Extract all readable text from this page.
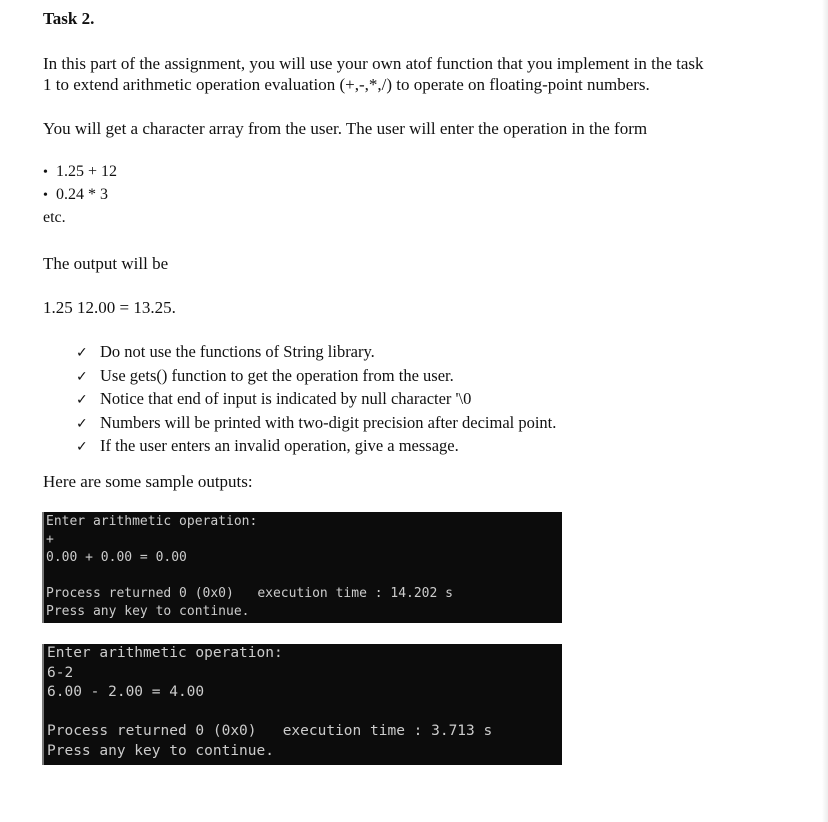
Task 2.
In this part of the assignment, you will use your own atof function that you implement in the task
1 to extend arithmetic operation evaluation (+,-,*,/) to operate on floating-point numbers.
You will get a character array from the user. The user will enter the operation in the form
• 1.25 + 12
• 0.24 * 3
etc.
The output will be
1.25 12.00 = 13.25.
✓ Do not use the functions of String library.
✓ Use gets() function to get the operation from the user.
✓ Notice that end of input is indicated by null character '\0
✓ Numbers will be printed with two-digit precision after decimal point.
✓ If the user enters an invalid operation, give a message.
Here are some sample outputs:
Enter arithmetic operation:
+
0.00 + 0.00 = 0.00
Process returned 0 (0x0)   execution time : 14.202 s
Press any key to continue.
Enter arithmetic operation:
6-2
6.00 - 2.00 = 4.00
Process returned 0 (0x0)   execution time : 3.713 s
Press any key to continue.
